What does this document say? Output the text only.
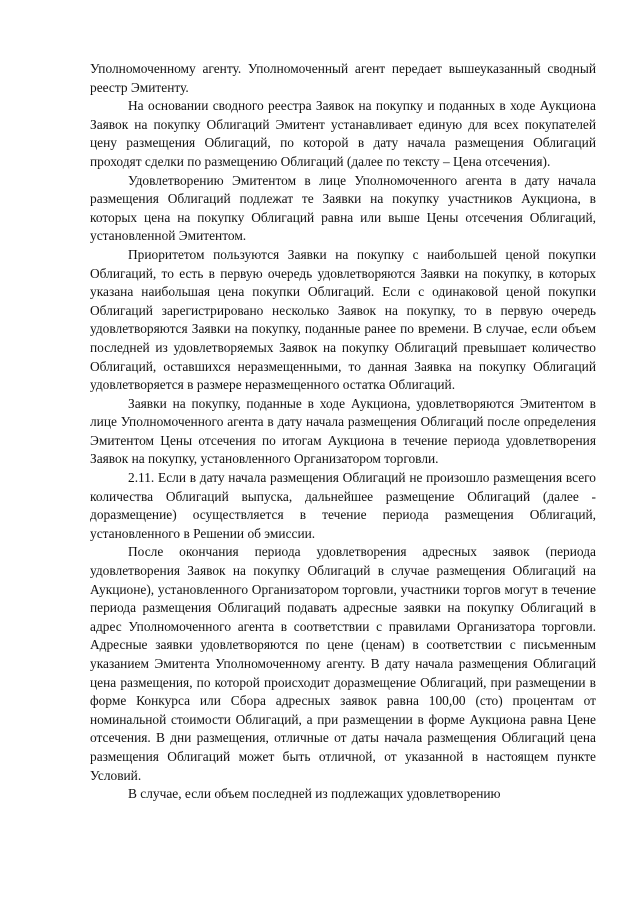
Уполномоченному агенту. Уполномоченный агент передает вышеуказанный сводный реестр Эмитенту.

На основании сводного реестра Заявок на покупку и поданных в ходе Аукциона Заявок на покупку Облигаций Эмитент устанавливает единую для всех покупателей цену размещения Облигаций, по которой в дату начала размещения Облигаций проходят сделки по размещению Облигаций (далее по тексту – Цена отсечения).

Удовлетворению Эмитентом в лице Уполномоченного агента в дату начала размещения Облигаций подлежат те Заявки на покупку участников Аукциона, в которых цена на покупку Облигаций равна или выше Цены отсечения Облигаций, установленной Эмитентом.

Приоритетом пользуются Заявки на покупку с наибольшей ценой покупки Облигаций, то есть в первую очередь удовлетворяются Заявки на покупку, в которых указана наибольшая цена покупки Облигаций. Если с одинаковой ценой покупки Облигаций зарегистрировано несколько Заявок на покупку, то в первую очередь удовлетворяются Заявки на покупку, поданные ранее по времени. В случае, если объем последней из удовлетворяемых Заявок на покупку Облигаций превышает количество Облигаций, оставшихся неразмещенными, то данная Заявка на покупку Облигаций удовлетворяется в размере неразмещенного остатка Облигаций.

Заявки на покупку, поданные в ходе Аукциона, удовлетворяются Эмитентом в лице Уполномоченного агента в дату начала размещения Облигаций после определения Эмитентом Цены отсечения по итогам Аукциона в течение периода удовлетворения Заявок на покупку, установленного Организатором торговли.

2.11. Если в дату начала размещения Облигаций не произошло размещения всего количества Облигаций выпуска, дальнейшее размещение Облигаций (далее - доразмещение) осуществляется в течение периода размещения Облигаций, установленного в Решении об эмиссии.

После окончания периода удовлетворения адресных заявок (периода удовлетворения Заявок на покупку Облигаций в случае размещения Облигаций на Аукционе), установленного Организатором торговли, участники торгов могут в течение периода размещения Облигаций подавать адресные заявки на покупку Облигаций в адрес Уполномоченного агента в соответствии с правилами Организатора торговли. Адресные заявки удовлетворяются по цене (ценам) в соответствии с письменным указанием Эмитента Уполномоченному агенту. В дату начала размещения Облигаций цена размещения, по которой происходит доразмещение Облигаций, при размещении в форме Конкурса или Сбора адресных заявок равна 100,00 (сто) процентам от номинальной стоимости Облигаций, а при размещении в форме Аукциона равна Цене отсечения. В дни размещения, отличные от даты начала размещения Облигаций цена размещения Облигаций может быть отличной, от указанной в настоящем пункте Условий.

В случае, если объем последней из подлежащих удовлетворению
